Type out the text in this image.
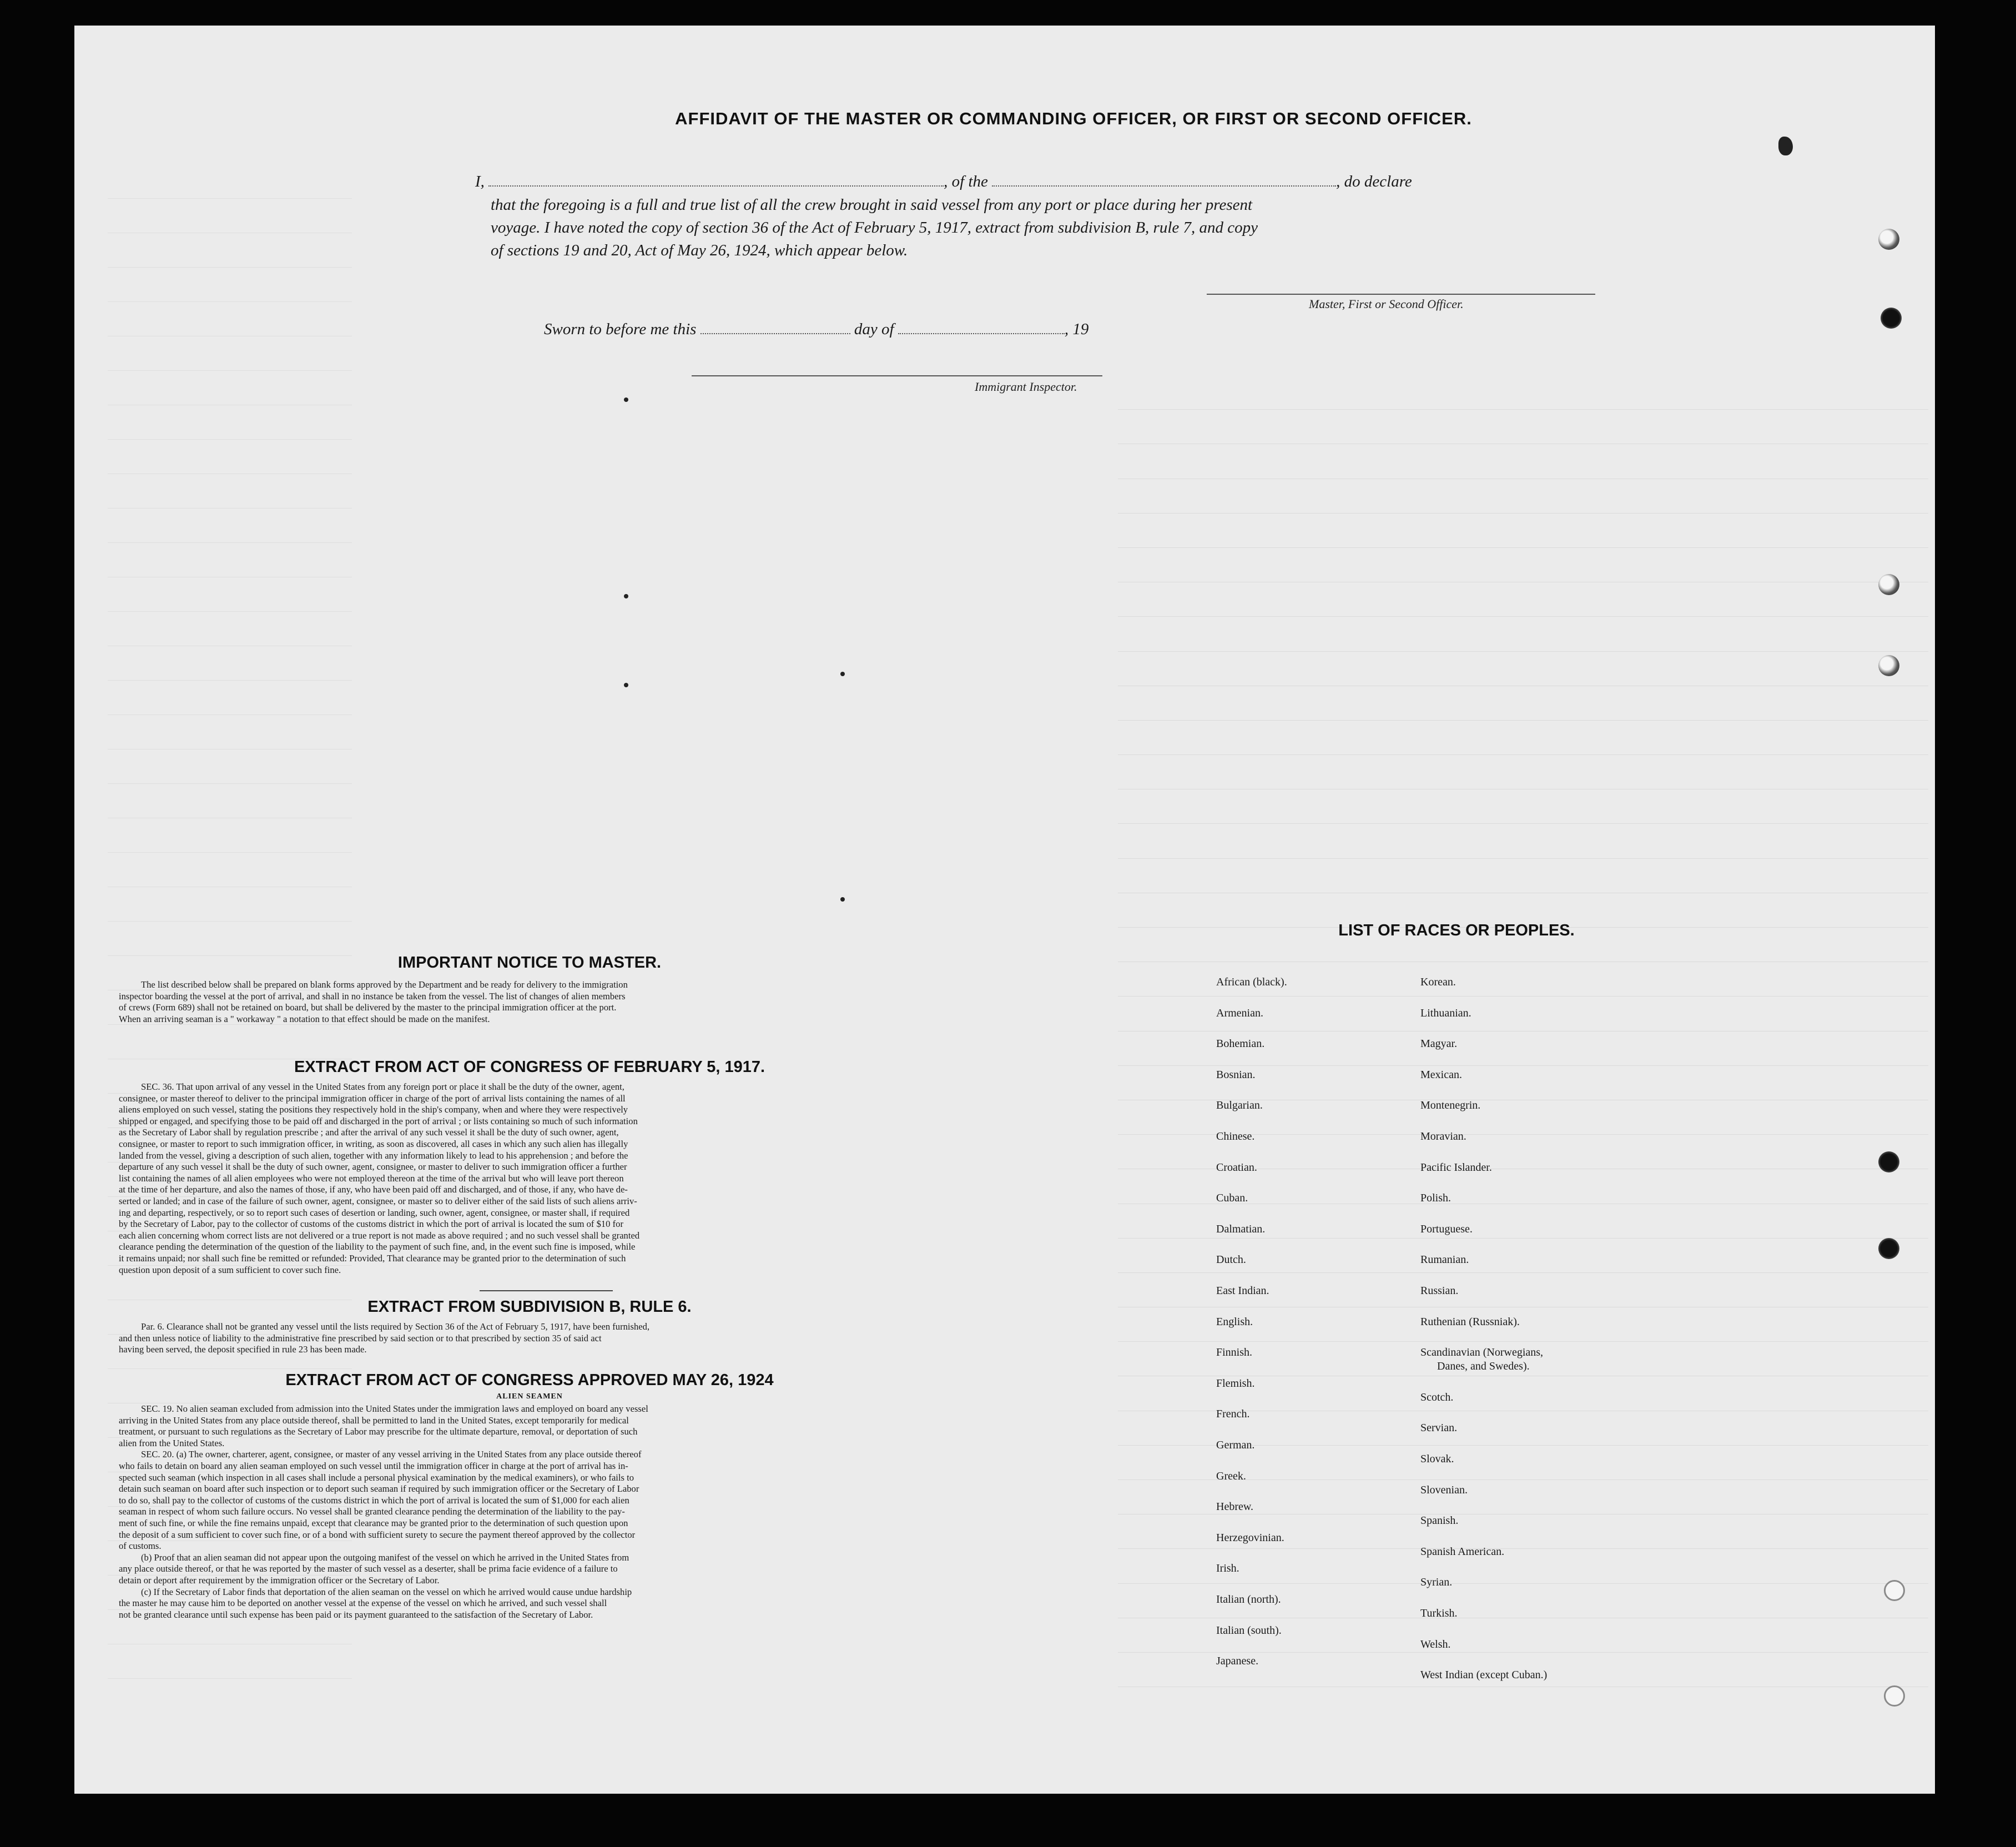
AFFIDAVIT OF THE MASTER OR COMMANDING OFFICER, OR FIRST OR SECOND OFFICER.
I,	, of the	, do declare
that the foregoing is a full and true list of all the crew brought in said vessel from any port or place during her present
voyage. I have noted the copy of section 36 of the Act of February 5, 1917, extract from subdivision B, rule 7, and copy
of sections 19 and 20, Act of May 26, 1924, which appear below.
Master, First or Second Officer.
Sworn to before me this	day of	, 19
Immigrant Inspector.
IMPORTANT NOTICE TO MASTER.
The list described below shall be prepared on blank forms approved by the Department and be ready for delivery to the immigration
inspector boarding the vessel at the port of arrival, and shall in no instance be taken from the vessel. The list of changes of alien members
of crews (Form 689) shall not be retained on board, but shall be delivered by the master to the principal immigration officer at the port.
When an arriving seaman is a " workaway " a notation to that effect should be made on the manifest.
EXTRACT FROM ACT OF CONGRESS OF FEBRUARY 5, 1917.
SEC. 36. That upon arrival of any vessel in the United States from any foreign port or place it shall be the duty of the owner, agent,
consignee, or master thereof to deliver to the principal immigration officer in charge of the port of arrival lists containing the names of all
aliens employed on such vessel, stating the positions they respectively hold in the ship's company, when and where they were respectively
shipped or engaged, and specifying those to be paid off and discharged in the port of arrival ; or lists containing so much of such information
as the Secretary of Labor shall by regulation prescribe ; and after the arrival of any such vessel it shall be the duty of such owner, agent,
consignee, or master to report to such immigration officer, in writing, as soon as discovered, all cases in which any such alien has illegally
landed from the vessel, giving a description of such alien, together with any information likely to lead to his apprehension ; and before the
departure of any such vessel it shall be the duty of such owner, agent, consignee, or master to deliver to such immigration officer a further
list containing the names of all alien employees who were not employed thereon at the time of the arrival but who will leave port thereon
at the time of her departure, and also the names of those, if any, who have been paid off and discharged, and of those, if any, who have de-
serted or landed; and in case of the failure of such owner, agent, consignee, or master so to deliver either of the said lists of such aliens arriv-
ing and departing, respectively, or so to report such cases of desertion or landing, such owner, agent, consignee, or master shall, if required
by the Secretary of Labor, pay to the collector of customs of the customs district in which the port of arrival is located the sum of $10 for
each alien concerning whom correct lists are not delivered or a true report is not made as above required ; and no such vessel shall be granted
clearance pending the determination of the question of the liability to the payment of such fine, and, in the event such fine is imposed, while
it remains unpaid; nor shall such fine be remitted or refunded: Provided, That clearance may be granted prior to the determination of such
question upon deposit of a sum sufficient to cover such fine.
EXTRACT FROM SUBDIVISION B, RULE 6.
Par. 6. Clearance shall not be granted any vessel until the lists required by Section 36 of the Act of February 5, 1917, have been furnished,
and then unless notice of liability to the administrative fine prescribed by said section or to that prescribed by section 35 of said act
having been served, the deposit specified in rule 23 has been made.
EXTRACT FROM ACT OF CONGRESS APPROVED MAY 26, 1924
ALIEN SEAMEN
SEC. 19. No alien seaman excluded from admission into the United States under the immigration laws and employed on board any vessel
arriving in the United States from any place outside thereof, shall be permitted to land in the United States, except temporarily for medical
treatment, or pursuant to such regulations as the Secretary of Labor may prescribe for the ultimate departure, removal, or deportation of such
alien from the United States.
SEC. 20. (a) The owner, charterer, agent, consignee, or master of any vessel arriving in the United States from any place outside thereof
who fails to detain on board any alien seaman employed on such vessel until the immigration officer in charge at the port of arrival has in-
spected such seaman (which inspection in all cases shall include a personal physical examination by the medical examiners), or who fails to
detain such seaman on board after such inspection or to deport such seaman if required by such immigration officer or the Secretary of Labor
to do so, shall pay to the collector of customs of the customs district in which the port of arrival is located the sum of $1,000 for each alien
seaman in respect of whom such failure occurs. No vessel shall be granted clearance pending the determination of the liability to the pay-
ment of such fine, or while the fine remains unpaid, except that clearance may be granted prior to the determination of such question upon
the deposit of a sum sufficient to cover such fine, or of a bond with sufficient surety to secure the payment thereof approved by the collector
of customs.
(b) Proof that an alien seaman did not appear upon the outgoing manifest of the vessel on which he arrived in the United States from
any place outside thereof, or that he was reported by the master of such vessel as a deserter, shall be prima facie evidence of a failure to
detain or deport after requirement by the immigration officer or the Secretary of Labor.
(c) If the Secretary of Labor finds that deportation of the alien seaman on the vessel on which he arrived would cause undue hardship
the master he may cause him to be deported on another vessel at the expense of the vessel on which he arrived, and such vessel shall
not be granted clearance until such expense has been paid or its payment guaranteed to the satisfaction of the Secretary of Labor.
LIST OF RACES OR PEOPLES.
African (black).
Armenian.
Bohemian.
Bosnian.
Bulgarian.
Chinese.
Croatian.
Cuban.
Dalmatian.
Dutch.
East Indian.
English.
Finnish.
Flemish.
French.
German.
Greek.
Hebrew.
Herzegovinian.
Irish.
Italian (north).
Italian (south).
Japanese.
Korean.
Lithuanian.
Magyar.
Mexican.
Montenegrin.
Moravian.
Pacific Islander.
Polish.
Portuguese.
Rumanian.
Russian.
Ruthenian (Russniak).
Scandinavian (Norwegians,
Danes, and Swedes).
Scotch.
Servian.
Slovak.
Slovenian.
Spanish.
Spanish American.
Syrian.
Turkish.
Welsh.
West Indian (except Cuban.)
